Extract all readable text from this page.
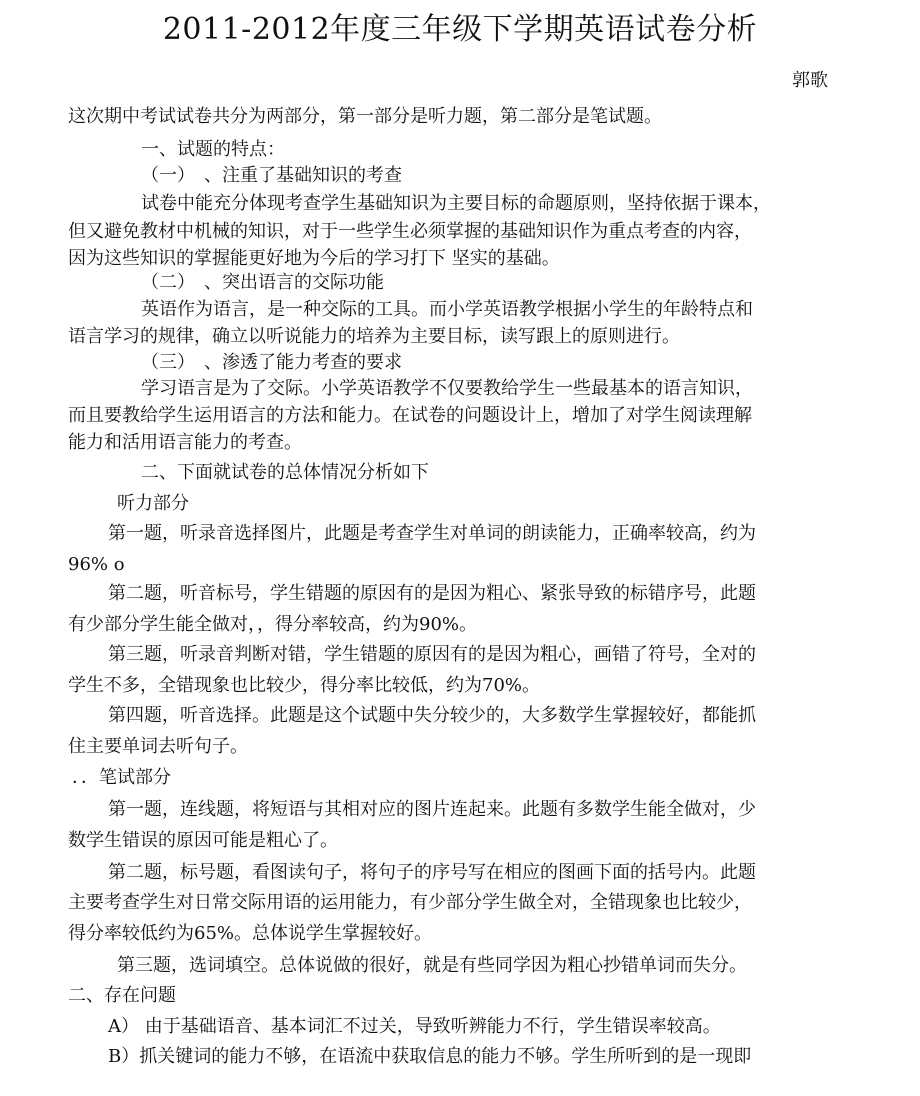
2011-2012年度三年级下学期英语试卷分析
郭歌
这次期中考试试卷共分为两部分，第一部分是听力题，第二部分是笔试题。
一、试题的特点：
（一）　、注重了基础知识的考查
试卷中能充分体现考查学生基础知识为主要目标的命题原则，坚持依据于课本，
但又避免教材中机械的知识，对于一些学生必须掌握的基础知识作为重点考查的内容，
因为这些知识的掌握能更好地为今后的学习打下 坚实的基础。
（二）　、突出语言的交际功能
英语作为语言，是一种交际的工具。而小学英语教学根据小学生的年龄特点和
语言学习的规律，确立以听说能力的培养为主要目标，读写跟上的原则进行。
（三）　、渗透了能力考查的要求
学习语言是为了交际。小学英语教学不仅要教给学生一些最基本的语言知识，
而且要教给学生运用语言的方法和能力。在试卷的问题设计上，增加了对学生阅读理解
能力和活用语言能力的考查。
二、下面就试卷的总体情况分析如下
听力部分
第一题，听录音选择图片，此题是考查学生对单词的朗读能力，正确率较高，约为
96% o
第二题，听音标号，学生错题的原因有的是因为粗心、紧张导致的标错序号，此题
有少部分学生能全做对，，得分率较高，约为90%。
第三题，听录音判断对错，学生错题的原因有的是因为粗心，画错了符号，全对的
学生不多，全错现象也比较少，得分率比较低，约为70%。
第四题，听音选择。此题是这个试题中失分较少的，大多数学生掌握较好，都能抓
住主要单词去听句子。
．．笔试部分
第一题，连线题，将短语与其相对应的图片连起来。此题有多数学生能全做对，少
数学生错误的原因可能是粗心了。
第二题，标号题，看图读句子，将句子的序号写在相应的图画下面的括号内。此题
主要考查学生对日常交际用语的运用能力，有少部分学生做全对，全错现象也比较少，
得分率较低约为65%。总体说学生掌握较好。
第三题，选词填空。总体说做的很好，就是有些同学因为粗心抄错单词而失分。
二、存在问题
A） 由于基础语音、基本词汇不过关，导致听辨能力不行，学生错误率较高。
B）抓关键词的能力不够，在语流中获取信息的能力不够。学生所听到的是一现即
